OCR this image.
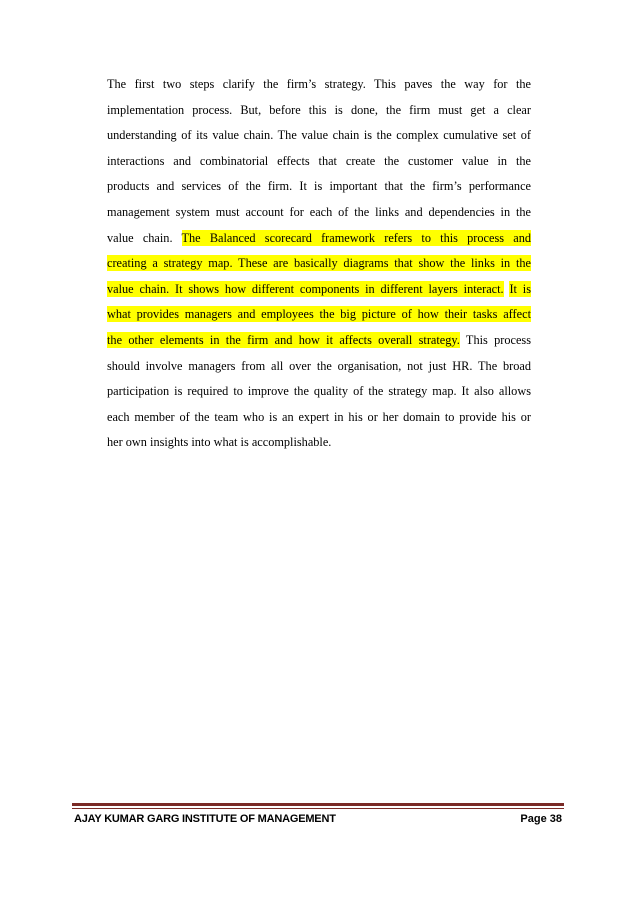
The first two steps clarify the firm’s strategy. This paves the way for the
implementation process. But, before this is done, the firm must get a clear
understanding of its value chain. The value chain is the complex cumulative set of
interactions and combinatorial effects that create the customer value in the
products and services of the firm. It is important that the firm’s performance
management system must account for each of the links and dependencies in the
value chain. The Balanced scorecard framework refers to this process and
creating a strategy map. These are basically diagrams that show the links in the
value chain. It shows how different components in different layers interact. It is
what provides managers and employees the big picture of how their tasks affect
the other elements in the firm and how it affects overall strategy. This process
should involve managers from all over the organisation, not just HR. The broad
participation is required to improve the quality of the strategy map. It also allows
each member of the team who is an expert in his or her domain to provide his or
her own insights into what is accomplishable.
AJAY KUMAR GARG INSTITUTE OF MANAGEMENT	Page 38
